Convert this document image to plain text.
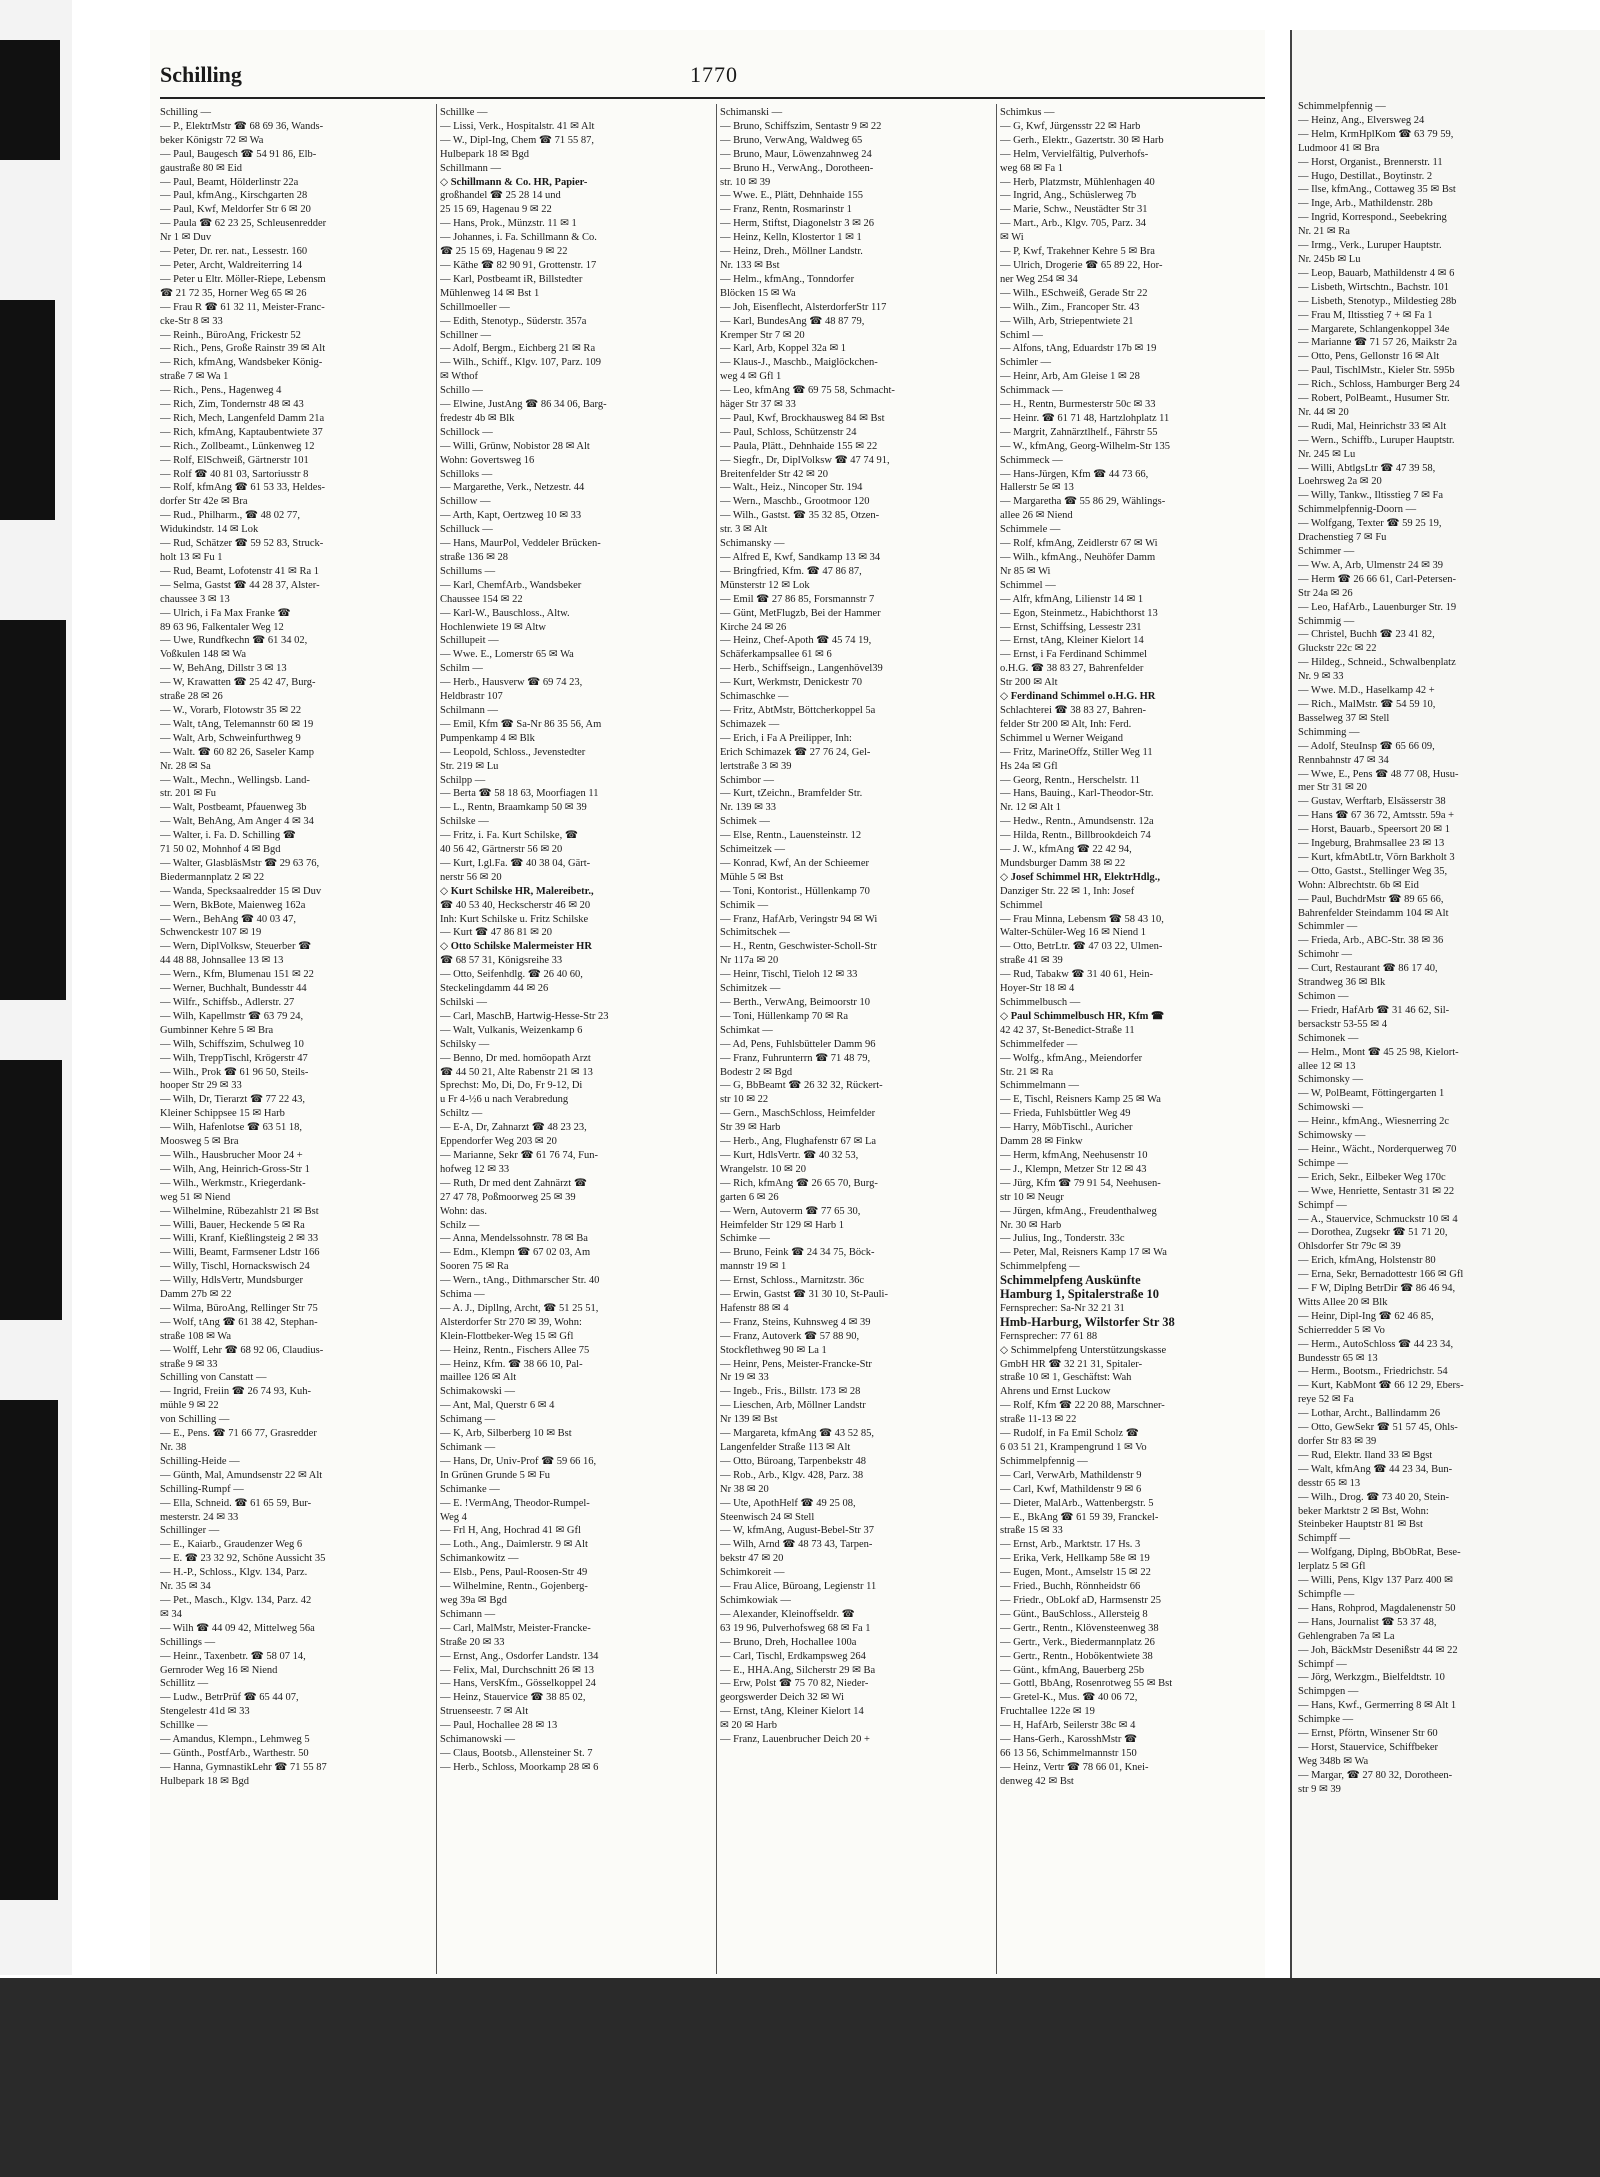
Schilling	1770
Schilling —
— P., ElektrMstr ☎ 68 69 36, Wands-
beker Königstr 72 ✉ Wa
— Paul, Baugesch ☎ 54 91 86, Elb-
gaustraße 80 ✉ Eid
— Paul, Beamt, Hölderlinstr 22a
— Paul, kfmAng., Kirschgarten 28
— Paul, Kwf, Meldorfer Str 6 ✉ 20
— Paula ☎ 62 23 25, Schleusenredder
Nr 1 ✉ Duv
— Peter, Dr. rer. nat., Lessestr. 160
— Peter, Archt, Waldreiterring 14
— Peter u Eltr. Möller-Riepe, Lebensm
☎ 21 72 35, Horner Weg 65 ✉ 26
— Frau R ☎ 61 32 11, Meister-Franc-
cke-Str 8 ✉ 33
— Reinh., BüroAng, Frickestr 52
— Rich., Pens, Große Rainstr 39 ✉ Alt
— Rich, kfmAng, Wandsbeker König-
straße 7 ✉ Wa 1
— Rich., Pens., Hagenweg 4
— Rich, Zim, Tondernstr 48 ✉ 43
— Rich, Mech, Langenfeld Damm 21a
— Rich, kfmAng, Kaptaubentwiete 37
— Rich., Zollbeamt., Lünkenweg 12
— Rolf, ElSchweiß, Gärtnerstr 101
— Rolf ☎ 40 81 03, Sartoriusstr 8
— Rolf, kfmAng ☎ 61 53 33, Heldes-
dorfer Str 42e ✉ Bra
— Rud., Philharm., ☎ 48 02 77,
Widukindstr. 14 ✉ Lok
— Rud, Schätzer ☎ 59 52 83, Struck-
holt 13 ✉ Fu 1
— Rud, Beamt, Lofotenstr 41 ✉ Ra 1
— Selma, Gastst ☎ 44 28 37, Alster-
chaussee 3 ✉ 13
— Ulrich, i Fa Max Franke ☎
89 63 96, Falkentaler Weg 12
— Uwe, Rundfkechn ☎ 61 34 02,
Voßkulen 148 ✉ Wa
— W, BehAng, Dillstr 3 ✉ 13
— W, Krawatten ☎ 25 42 47, Burg-
straße 28 ✉ 26
— W., Vorarb, Flotowstr 35 ✉ 22
— Walt, tAng, Telemannstr 60 ✉ 19
— Walt, Arb, Schweinfurthweg 9
— Walt. ☎ 60 82 26, Saseler Kamp
Nr. 28 ✉ Sa
— Walt., Mechn., Wellingsb. Land-
str. 201 ✉ Fu
— Walt, Postbeamt, Pfauenweg 3b
— Walt, BehAng, Am Anger 4 ✉ 34
— Walter, i. Fa. D. Schilling ☎
71 50 02, Mohnhof 4 ✉ Bgd
— Walter, GlasbläsMstr ☎ 29 63 76,
Biedermannplatz 2 ✉ 22
— Wanda, Specksaalredder 15 ✉ Duv
— Wern, BkBote, Maienweg 162a
— Wern., BehAng ☎ 40 03 47,
Schwenckestr 107 ✉ 19
— Wern, DiplVolksw, Steuerber ☎
44 48 88, Johnsallee 13 ✉ 13
— Wern., Kfm, Blumenau 151 ✉ 22
— Werner, Buchhalt, Bundesstr 44
— Wilfr., Schiffsb., Adlerstr. 27
— Wilh, Kapellmstr ☎ 63 79 24,
Gumbinner Kehre 5 ✉ Bra
— Wilh, Schiffszim, Schulweg 10
— Wilh, TreppTischl, Krögerstr 47
— Wilh., Prok ☎ 61 96 50, Steils-
hooper Str 29 ✉ 33
— Wilh, Dr, Tierarzt ☎ 77 22 43,
Kleiner Schippsee 15 ✉ Harb
— Wilh, Hafenlotse ☎ 63 51 18,
Moosweg 5 ✉ Bra
— Wilh., Hausbrucher Moor 24 +
— Wilh, Ang, Heinrich-Gross-Str 1
— Wilh., Werkmstr., Kriegerdank-
weg 51 ✉ Niend
— Wilhelmine, Rübezahlstr 21 ✉ Bst
— Willi, Bauer, Heckende 5 ✉ Ra
— Willi, Kranf, Kießlingsteig 2 ✉ 33
— Willi, Beamt, Farmsener Ldstr 166
— Willy, Tischl, Hornackswisch 24
— Willy, HdlsVertr, Mundsburger
Damm 27b ✉ 22
— Wilma, BüroAng, Rellinger Str 75
— Wolf, tAng ☎ 61 38 42, Stephan-
straße 108 ✉ Wa
— Wolff, Lehr ☎ 68 92 06, Claudius-
straße 9 ✉ 33
Schilling von Canstatt —
— Ingrid, Freiin ☎ 26 74 93, Kuh-
mühle 9 ✉ 22
von Schilling —
— E., Pens. ☎ 71 66 77, Grasredder
Nr. 38
Schilling-Heide —
— Günth, Mal, Amundsenstr 22 ✉ Alt
Schilling-Rumpf —
— Ella, Schneid. ☎ 61 65 59, Bur-
mesterstr. 24 ✉ 33
Schillinger —
— E., Kaiarb., Graudenzer Weg 6
— E. ☎ 23 32 92, Schöne Aussicht 35
— H.-P., Schloss., Klgv. 134, Parz.
Nr. 35 ✉ 34
— Pet., Masch., Klgv. 134, Parz. 42
✉ 34
— Wilh ☎ 44 09 42, Mittelweg 56a
Schillings —
— Heinr., Taxenbetr. ☎ 58 07 14,
Gernroder Weg 16 ✉ Niend
Schillitz —
— Ludw., BetrPrüf ☎ 65 44 07,
Stengelestr 41d ✉ 33
Schillke —
— Amandus, Klempn., Lehmweg 5
— Günth., PostfArb., Warthestr. 50
— Hanna, GymnastikLehr ☎ 71 55 87
Hulbepark 18 ✉ Bgd
Schillke —
— Lissi, Verk., Hospitalstr. 41 ✉ Alt
— W., Dipl-Ing, Chem ☎ 71 55 87,
Hulbepark 18 ✉ Bgd
Schillmann —
◇ Schillmann & Co. HR, Papier-
großhandel ☎ 25 28 14 und
25 15 69, Hagenau 9 ✉ 22
— Hans, Prok., Münzstr. 11 ✉ 1
— Johannes, i. Fa. Schillmann & Co.
☎ 25 15 69, Hagenau 9 ✉ 22
— Käthe ☎ 82 90 91, Grottenstr. 17
— Karl, Postbeamt iR, Billstedter
Mühlenweg 14 ✉ Bst 1
Schillmoeller —
— Edith, Stenotyp., Süderstr. 357a
Schillner —
— Adolf, Bergm., Eichberg 21 ✉ Ra
— Wilh., Schiff., Klgv. 107, Parz. 109
✉ Wthof
Schillo —
— Elwine, JustAng ☎ 86 34 06, Barg-
fredestr 4b ✉ Blk
Schillock —
— Willi, Grünw, Nobistor 28 ✉ Alt
Wohn: Govertsweg 16
Schilloks —
— Margarethe, Verk., Netzestr. 44
Schillow —
— Arth, Kapt, Oertzweg 10 ✉ 33
Schilluck —
— Hans, MaurPol, Veddeler Brücken-
straße 136 ✉ 28
Schillums —
— Karl, ChemfArb., Wandsbeker
Chaussee 154 ✉ 22
— Karl-W., Bauschloss., Altw.
Hochlenwiete 19 ✉ Altw
Schillupeit —
— Wwe. E., Lomerstr 65 ✉ Wa
Schilm —
— Herb., Hausverw ☎ 69 74 23,
Heldbrastr 107
Schilmann —
— Emil, Kfm ☎ Sa-Nr 86 35 56, Am
Pumpenkamp 4 ✉ Blk
— Leopold, Schloss., Jevenstedter
Str. 219 ✉ Lu
Schilpp —
— Berta ☎ 58 18 63, Moorfiagen 11
— L., Rentn, Braamkamp 50 ✉ 39
Schilske —
— Fritz, i. Fa. Kurt Schilske, ☎
40 56 42, Gärtnerstr 56 ✉ 20
— Kurt, I.gl.Fa. ☎ 40 38 04, Gärt-
nerstr 56 ✉ 20
◇ Kurt Schilske HR, Malereibetr.,
☎ 40 53 40, Heckscherstr 46 ✉ 20
Inh: Kurt Schilske u. Fritz Schilske
— Kurt ☎ 47 86 81 ✉ 20
◇ Otto Schilske Malermeister HR
☎ 68 57 31, Königsreihe 33
— Otto, Seifenhdlg. ☎ 26 40 60,
Steckelingdamm 44 ✉ 26
Schilski —
— Carl, MaschB, Hartwig-Hesse-Str 23
— Walt, Vulkanis, Weizenkamp 6
Schilsky —
— Benno, Dr med. homöopath Arzt
☎ 44 50 21, Alte Rabenstr 21 ✉ 13
Sprechst: Mo, Di, Do, Fr 9-12, Di
u Fr 4-½6 u nach Verabredung
Schiltz —
— E-A, Dr, Zahnarzt ☎ 48 23 23,
Eppendorfer Weg 203 ✉ 20
— Marianne, Sekr ☎ 61 76 74, Fun-
hofweg 12 ✉ 33
— Ruth, Dr med dent Zahnärzt ☎
27 47 78, Poßmoorweg 25 ✉ 39
Wohn: das.
Schilz —
— Anna, Mendelssohnstr. 78 ✉ Ba
— Edm., Klempn ☎ 67 02 03, Am
Sooren 75 ✉ Ra
— Wern., tAng., Dithmarscher Str. 40
Schima —
— A. J., Dipllng, Archt, ☎ 51 25 51,
Alsterdorfer Str 270 ✉ 39, Wohn:
Klein-Flottbeker-Weg 15 ✉ Gfl
— Heinz, Rentn., Fischers Allee 75
— Heinz, Kfm. ☎ 38 66 10, Pal-
maillee 126 ✉ Alt
Schimakowski —
— Ant, Mal, Querstr 6 ✉ 4
Schimang —
— K, Arb, Silberberg 10 ✉ Bst
Schimank —
— Hans, Dr, Univ-Prof ☎ 59 66 16,
In Grünen Grunde 5 ✉ Fu
Schimanke —
— E. !VermAng, Theodor-Rumpel-
Weg 4
— Frl H, Ang, Hochrad 41 ✉ Gfl
— Loth., Ang., Daimlerstr. 9 ✉ Alt
Schimankowitz —
— Elsb., Pens, Paul-Roosen-Str 49
— Wilhelmine, Rentn., Gojenberg-
weg 39a ✉ Bgd
Schimann —
— Carl, MalMstr, Meister-Francke-
Straße 20 ✉ 33
— Ernst, Ang., Osdorfer Landstr. 134
— Felix, Mal, Durchschnitt 26 ✉ 13
— Hans, VersKfm., Gösselkoppel 24
— Heinz, Stauervice ☎ 38 85 02,
Struenseestr. 7 ✉ Alt
— Paul, Hochallee 28 ✉ 13
Schimanowski —
— Claus, Bootsb., Allensteiner St. 7
— Herb., Schloss, Moorkamp 28 ✉ 6
Schimanski —
— Bruno, Schiffszim, Sentastr 9 ✉ 22
— Bruno, VerwAng, Waldweg 65
— Bruno, Maur, Löwenzahnweg 24
— Bruno H., VerwAng., Dorotheen-
str. 10 ✉ 39
— Wwe. E., Plätt, Dehnhaide 155
— Franz, Rentn, Rosmarinstr 1
— Herm, Stiftst, Diagonelstr 3 ✉ 26
— Heinz, Kelln, Klostertor 1 ✉ 1
— Heinz, Dreh., Möllner Landstr.
Nr. 133 ✉ Bst
— Helm., kfmAng., Tonndorfer
Blöcken 15 ✉ Wa
— Joh, Eisenflecht, AlsterdorferStr 117
— Karl, BundesAng ☎ 48 87 79,
Kremper Str 7 ✉ 20
— Karl, Arb, Koppel 32a ✉ 1
— Klaus-J., Maschb., Maiglöckchen-
weg 4 ✉ Gfl 1
— Leo, kfmAng ☎ 69 75 58, Schmacht-
häger Str 37 ✉ 33
— Paul, Kwf, Brockhausweg 84 ✉ Bst
— Paul, Schloss, Schützenstr 24
— Paula, Plätt., Dehnhaide 155 ✉ 22
— Siegfr., Dr, DiplVolksw ☎ 47 74 91,
Breitenfelder Str 42 ✉ 20
— Walt., Heiz., Nincoper Str. 194
— Wern., Maschb., Grootmoor 120
— Wilh., Gastst. ☎ 35 32 85, Otzen-
str. 3 ✉ Alt
Schimansky —
— Alfred E, Kwf, Sandkamp 13 ✉ 34
— Bringfried, Kfm. ☎ 47 86 87,
Münsterstr 12 ✉ Lok
— Emil ☎ 27 86 85, Forsmannstr 7
— Günt, MetFlugzb, Bei der Hammer
Kirche 24 ✉ 26
— Heinz, Chef-Apoth ☎ 45 74 19,
Schäferkampsallee 61 ✉ 6
— Herb., Schiffseign., Langenhövel39
— Kurt, Werkmstr, Denickestr 70
Schimaschke —
— Fritz, AbtMstr, Böttcherkoppel 5a
Schimazek —
— Erich, i Fa A Preilipper, Inh:
Erich Schimazek ☎ 27 76 24, Gel-
lertstraße 3 ✉ 39
Schimbor —
— Kurt, tZeichn., Bramfelder Str.
Nr. 139 ✉ 33
Schimek —
— Else, Rentn., Lauensteinstr. 12
Schimeitzek —
— Konrad, Kwf, An der Schieemer
Mühle 5 ✉ Bst
— Toni, Kontorist., Hüllenkamp 70
Schimik —
— Franz, HafArb, Veringstr 94 ✉ Wi
Schimitschek —
— H., Rentn, Geschwister-Scholl-Str
Nr 117a ✉ 20
— Heinr, Tischl, Tieloh 12 ✉ 33
Schimitzek —
— Berth., VerwAng, Beimoorstr 10
— Toni, Hüllenkamp 70 ✉ Ra
Schimkat —
— Ad, Pens, Fuhlsbütteler Damm 96
— Franz, Fuhrunterrn ☎ 71 48 79,
Bodestr 2 ✉ Bgd
— G, BbBeamt ☎ 26 32 32, Rückert-
str 10 ✉ 22
— Gern., MaschSchloss, Heimfelder
Str 39 ✉ Harb
— Herb., Ang, Flughafenstr 67 ✉ La
— Kurt, HdlsVertr. ☎ 40 32 53,
Wrangelstr. 10 ✉ 20
— Rich, kfmAng ☎ 26 65 70, Burg-
garten 6 ✉ 26
— Wern, Autoverm ☎ 77 65 30,
Heimfelder Str 129 ✉ Harb 1
Schimke —
— Bruno, Feink ☎ 24 34 75, Böck-
mannstr 19 ✉ 1
— Ernst, Schloss., Marnitzstr. 36c
— Erwin, Gastst ☎ 31 30 10, St-Pauli-
Hafenstr 88 ✉ 4
— Franz, Steins, Kuhnsweg 4 ✉ 39
— Franz, Autoverk ☎ 57 88 90,
Stockflethweg 90 ✉ La 1
— Heinr, Pens, Meister-Francke-Str
Nr 19 ✉ 33
— Ingeb., Fris., Billstr. 173 ✉ 28
— Lieschen, Arb, Möllner Landstr
Nr 139 ✉ Bst
— Margareta, kfmAng ☎ 43 52 85,
Langenfelder Straße 113 ✉ Alt
— Otto, Büroang, Tarpenbekstr 48
— Rob., Arb., Klgv. 428, Parz. 38
Nr 38 ✉ 20
— Ute, ApothHelf ☎ 49 25 08,
Steenwisch 24 ✉ Stell
— W, kfmAng, August-Bebel-Str 37
— Wilh, Arnd ☎ 48 73 43, Tarpen-
bekstr 47 ✉ 20
Schimkoreit —
— Frau Alice, Büroang, Legienstr 11
Schimkowiak —
— Alexander, Kleinoffseldr. ☎
63 19 96, Pulverhofsweg 68 ✉ Fa 1
— Bruno, Dreh, Hochallee 100a
— Carl, Tischl, Erdkampsweg 264
— E., HHA.Ang, Silcherstr 29 ✉ Ba
— Erw, Polst ☎ 75 70 82, Nieder-
georgswerder Deich 32 ✉ Wi
— Ernst, tAng, Kleiner Kielort 14
✉ 20 ✉ Harb
— Franz, Lauenbrucher Deich 20 +
Schimkus —
— G, Kwf, Jürgensstr 22 ✉ Harb
— Gerh., Elektr., Gazertstr. 30 ✉ Harb
— Helm, Vervielfältig, Pulverhofs-
weg 68 ✉ Fa 1
— Herb, Platzmstr, Mühlenhagen 40
— Ingrid, Ang., Schüslerweg 7b
— Marie, Schw., Neustädter Str 31
— Mart., Arb., Klgv. 705, Parz. 34
✉ Wi
— P, Kwf, Trakehner Kehre 5 ✉ Bra
— Ulrich, Drogerie ☎ 65 89 22, Hor-
ner Weg 254 ✉ 34
— Wilh., ESchweiß, Gerade Str 22
— Wilh., Zim., Francoper Str. 43
— Wilh, Arb, Striepentwiete 21
Schiml —
— Alfons, tAng, Eduardstr 17b ✉ 19
Schimler —
— Heinr, Arb, Am Gleise 1 ✉ 28
Schimmack —
— H., Rentn, Burmesterstr 50c ✉ 33
— Heinr. ☎ 61 71 48, Hartzlohplatz 11
— Margrit, Zahnärztlhelf., Fährstr 55
— W., kfmAng, Georg-Wilhelm-Str 135
Schimmeck —
— Hans-Jürgen, Kfm ☎ 44 73 66,
Hallerstr 5e ✉ 13
— Margaretha ☎ 55 86 29, Wählings-
allee 26 ✉ Niend
Schimmele —
— Rolf, kfmAng, Zeidlerstr 67 ✉ Wi
— Wilh., kfmAng., Neuhöfer Damm
Nr 85 ✉ Wi
Schimmel —
— Alfr, kfmAng, Lilienstr 14 ✉ 1
— Egon, Steinmetz., Habichthorst 13
— Ernst, Schiffsing, Lessestr 231
— Ernst, tAng, Kleiner Kielort 14
— Ernst, i Fa Ferdinand Schimmel
o.H.G. ☎ 38 83 27, Bahrenfelder
Str 200 ✉ Alt
◇ Ferdinand Schimmel o.H.G. HR
Schlachterei ☎ 38 83 27, Bahren-
felder Str 200 ✉ Alt, Inh: Ferd.
Schimmel u Werner Weigand
— Fritz, MarineOffz, Stiller Weg 11
Hs 24a ✉ Gfl
— Georg, Rentn., Herschelstr. 11
— Hans, Bauing., Karl-Theodor-Str.
Nr. 12 ✉ Alt 1
— Hedw., Rentn., Amundsenstr. 12a
— Hilda, Rentn., Billbrookdeich 74
— J. W., kfmAng ☎ 22 42 94,
Mundsburger Damm 38 ✉ 22
◇ Josef Schimmel HR, ElektrHdlg.,
Danziger Str. 22 ✉ 1, Inh: Josef
Schimmel
— Frau Minna, Lebensm ☎ 58 43 10,
Walter-Schüler-Weg 16 ✉ Niend 1
— Otto, BetrLtr. ☎ 47 03 22, Ulmen-
straße 41 ✉ 39
— Rud, Tabakw ☎ 31 40 61, Hein-
Hoyer-Str 18 ✉ 4
Schimmelbusch —
◇ Paul Schimmelbusch HR, Kfm ☎
42 42 37, St-Benedict-Straße 11
Schimmelfeder —
— Wolfg., kfmAng., Meiendorfer
Str. 21 ✉ Ra
Schimmelmann —
— E, Tischl, Reisners Kamp 25 ✉ Wa
— Frieda, Fuhlsbüttler Weg 49
— Harry, MöbTischl., Auricher
Damm 28 ✉ Finkw
— Herm, kfmAng, Neehusenstr 10
— J., Klempn, Metzer Str 12 ✉ 43
— Jürg, Kfm ☎ 79 91 54, Neehusen-
str 10 ✉ Neugr
— Jürgen, kfmAng., Freudenthalweg
Nr. 30 ✉ Harb
— Julius, Ing., Tonderstr. 33c
— Peter, Mal, Reisners Kamp 17 ✉ Wa
Schimmelpfeng —
Schimmelpfeng Auskünfte
Hamburg 1, Spitalerstraße 10
Fernsprecher: Sa-Nr 32 21 31
Hmb-Harburg, Wilstorfer Str 38
Fernsprecher: 77 61 88
◇ Schimmelpfeng Unterstützungskasse
GmbH HR ☎ 32 21 31, Spitaler-
straße 10 ✉ 1, Geschäftst: Wah
Ahrens und Ernst Luckow
— Rolf, Kfm ☎ 22 20 88, Marschner-
straße 11-13 ✉ 22
— Rudolf, in Fa Emil Scholz ☎
6 03 51 21, Krampengrund 1 ✉ Vo
Schimmelpfennig —
— Carl, VerwArb, Mathildenstr 9
— Carl, Kwf, Mathildenstr 9 ✉ 6
— Dieter, MalArb., Wattenbergstr. 5
— E., BkAng ☎ 61 59 39, Franckel-
straße 15 ✉ 33
— Ernst, Arb., Marktstr. 17 Hs. 3
— Erika, Verk, Hellkamp 58e ✉ 19
— Eugen, Mont., Amselstr 15 ✉ 22
— Fried., Buchh, Rönnheidstr 66
— Friedr., ObLokf aD, Harmsenstr 25
— Günt., BauSchloss., Allersteig 8
— Gertr., Rentn., Klövensteenweg 38
— Gertr., Verk., Biedermannplatz 26
— Gertr., Rentn., Hobökentwiete 38
— Günt., kfmAng, Bauerberg 25b
— Gottl, BbAng, Rosenrotweg 55 ✉ Bst
— Gretel-K., Mus. ☎ 40 06 72,
Fruchtallee 122e ✉ 19
— H, HafArb, Seilerstr 38c ✉ 4
— Hans-Gerh., KarosshMstr ☎
66 13 56, Schimmelmannstr 150
— Heinz, Vertr ☎ 78 66 01, Knei-
denweg 42 ✉ Bst
Schimmelpfennig —
— Heinz, Ang., Elversweg 24
— Helm, KrmHplKom ☎ 63 79 59,
Ludmoor 41 ✉ Bra
— Horst, Organist., Brennerstr. 11
— Hugo, Destillat., Boytinstr. 2
— Ilse, kfmAng., Cottaweg 35 ✉ Bst
— Inge, Arb., Mathildenstr. 28b
— Ingrid, Korrespond., Seebekring
Nr. 21 ✉ Ra
— Irmg., Verk., Luruper Hauptstr.
Nr. 245b ✉ Lu
— Leop, Bauarb, Mathildenstr 4 ✉ 6
— Lisbeth, Wirtschtn., Bachstr. 101
— Lisbeth, Stenotyp., Mildestieg 28b
— Frau M, Iltisstieg 7 + ✉ Fa 1
— Margarete, Schlangenkoppel 34e
— Marianne ☎ 71 57 26, Maikstr 2a
— Otto, Pens, Gellonstr 16 ✉ Alt
— Paul, TischlMstr., Kieler Str. 595b
— Rich., Schloss, Hamburger Berg 24
— Robert, PolBeamt., Husumer Str.
Nr. 44 ✉ 20
— Rudi, Mal, Heinrichstr 33 ✉ Alt
— Wern., Schiffb., Luruper Hauptstr.
Nr. 245 ✉ Lu
— Willi, AbtlgsLtr ☎ 47 39 58,
Loehrsweg 2a ✉ 20
— Willy, Tankw., Iltisstieg 7 ✉ Fa
Schimmelpfennig-Doorn —
— Wolfgang, Texter ☎ 59 25 19,
Drachenstieg 7 ✉ Fu
Schimmer —
— Ww. A, Arb, Ulmenstr 24 ✉ 39
— Herm ☎ 26 66 61, Carl-Petersen-
Str 24a ✉ 26
— Leo, HafArb., Lauenburger Str. 19
Schimmig —
— Christel, Buchh ☎ 23 41 82,
Gluckstr 22c ✉ 22
— Hildeg., Schneid., Schwalbenplatz
Nr. 9 ✉ 33
— Wwe. M.D., Haselkamp 42 +
— Rich., MalMstr. ☎ 54 59 10,
Basselweg 37 ✉ Stell
Schimming —
— Adolf, SteuInsp ☎ 65 66 09,
Rennbahnstr 47 ✉ 34
— Wwe, E., Pens ☎ 48 77 08, Husu-
mer Str 31 ✉ 20
— Gustav, Werftarb, Elsässerstr 38
— Hans ☎ 67 36 72, Amtsstr. 59a +
— Horst, Bauarb., Speersort 20 ✉ 1
— Ingeburg, Brahmsallee 23 ✉ 13
— Kurt, kfmAbtLtr, Vörn Barkholt 3
— Otto, Gastst., Stellinger Weg 35,
Wohn: Albrechtstr. 6b ✉ Eid
— Paul, BuchdrMstr ☎ 89 65 66,
Bahrenfelder Steindamm 104 ✉ Alt
Schimmler —
— Frieda, Arb., ABC-Str. 38 ✉ 36
Schimohr —
— Curt, Restaurant ☎ 86 17 40,
Strandweg 36 ✉ Blk
Schimon —
— Friedr, HafArb ☎ 31 46 62, Sil-
bersackstr 53-55 ✉ 4
Schimonek —
— Helm., Mont ☎ 45 25 98, Kielort-
allee 12 ✉ 13
Schimonsky —
— W, PolBeamt, Föttingergarten 1
Schimowski —
— Heinr., kfmAng., Wiesnerring 2c
Schimowsky —
— Heinr., Wächt., Norderquerweg 70
Schimpe —
— Erich, Sekr., Eilbeker Weg 170c
— Wwe, Henriette, Sentastr 31 ✉ 22
Schimpf —
— A., Stauervice, Schmuckstr 10 ✉ 4
— Dorothea, Zugsekr ☎ 51 71 20,
Ohlsdorfer Str 79c ✉ 39
— Erich, kfmAng, Holstenstr 80
— Erna, Sekr, Bernadottestr 166 ✉ Gfl
— F W, Diplng BetrDir ☎ 86 46 94,
Witts Allee 20 ✉ Blk
— Heinr, Dipl-Ing ☎ 62 46 85,
Schierredder 5 ✉ Vo
— Herm., AutoSchloss ☎ 44 23 34,
Bundesstr 65 ✉ 13
— Herm., Bootsm., Friedrichstr. 54
— Kurt, KabMont ☎ 66 12 29, Ebers-
reye 52 ✉ Fa
— Lothar, Archt., Ballindamm 26
— Otto, GewSekr ☎ 51 57 45, Ohls-
dorfer Str 83 ✉ 39
— Rud, Elektr. Iland 33 ✉ Bgst
— Walt, kfmAng ☎ 44 23 34, Bun-
desstr 65 ✉ 13
— Wilh., Drog. ☎ 73 40 20, Stein-
beker Marktstr 2 ✉ Bst, Wohn:
Steinbeker Hauptstr 81 ✉ Bst
Schimpff —
— Wolfgang, Diplng, BbObRat, Bese-
lerplatz 5 ✉ Gfl
— Willi, Pens, Klgv 137 Parz 400 ✉
Schimpfle —
— Hans, Rohprod, Magdalenenstr 50
— Hans, Journalist ☎ 53 37 48,
Gehlengraben 7a ✉ La
— Joh, BäckMstr Desenißstr 44 ✉ 22
Schimpf —
— Jörg, Werkzgm., Bielfeldtstr. 10
Schimpgen —
— Hans, Kwf., Germerring 8 ✉ Alt 1
Schimpke —
— Ernst, Pförtn, Winsener Str 60
— Horst, Stauervice, Schiffbeker
Weg 348b ✉ Wa
— Margar, ☎ 27 80 32, Dorotheen-
str 9 ✉ 39
